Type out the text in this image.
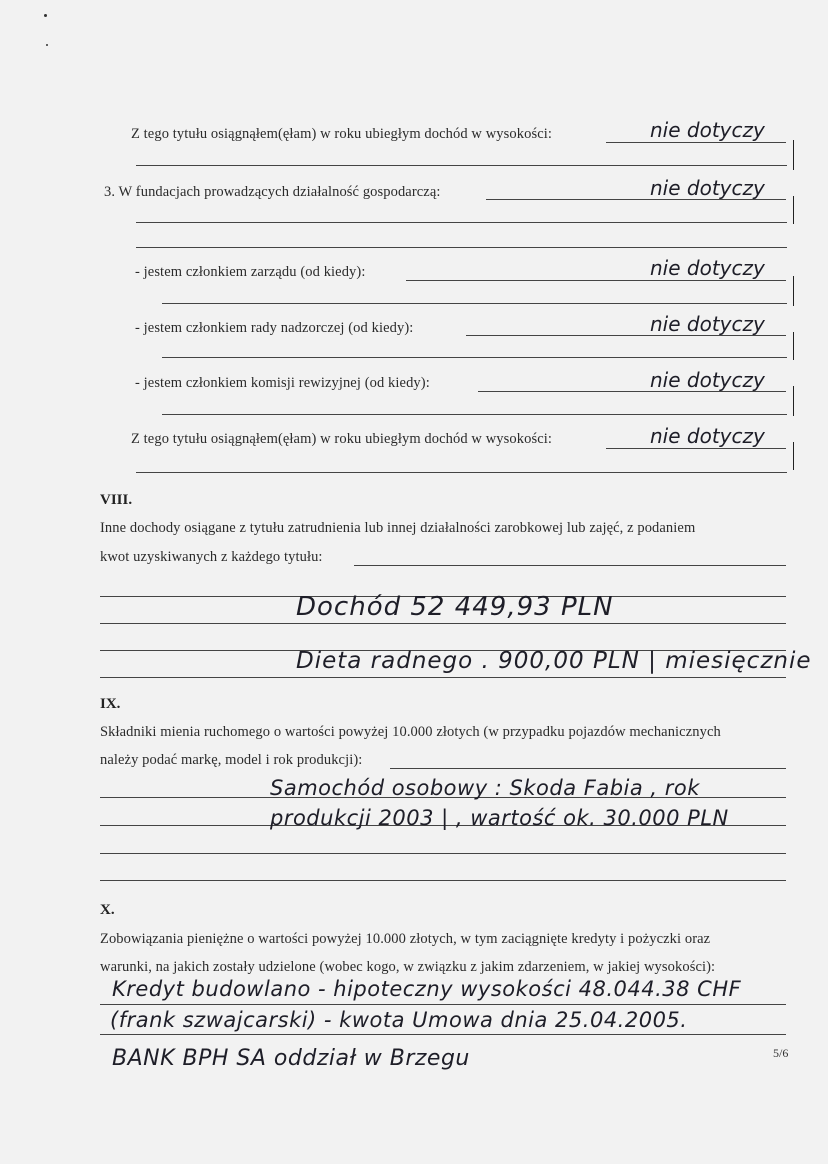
Z tego tytułu osiągnąłem(ęłam) w roku ubiegłym dochód w wysokości:	nie dotyczy
3. W fundacjach prowadzących działalność gospodarczą:	nie dotyczy
- jestem członkiem zarządu (od kiedy):	nie dotyczy
- jestem członkiem rady nadzorczej (od kiedy):	nie dotyczy
- jestem członkiem komisji rewizyjnej (od kiedy):	nie dotyczy
Z tego tytułu osiągnąłem(ęłam) w roku ubiegłym dochód w wysokości:	nie dotyczy
VIII.
Inne dochody osiągane z tytułu zatrudnienia lub innej działalności zarobkowej lub zajęć, z podaniem
kwot uzyskiwanych z każdego tytułu:
Dochód 52 449,93 PLN
Dieta radnego . 900,00 PLN | miesięcznie
IX.
Składniki mienia ruchomego o wartości powyżej 10.000 złotych (w przypadku pojazdów mechanicznych
należy podać markę, model i rok produkcji):
Samochód osobowy : Skoda Fabia , rok
produkcji 2003 | , wartość ok. 30.000 PLN
X.
Zobowiązania pieniężne o wartości powyżej 10.000 złotych, w tym zaciągnięte kredyty i pożyczki oraz
warunki, na jakich zostały udzielone (wobec kogo, w związku z jakim zdarzeniem, w jakiej wysokości):
Kredyt budowlano - hipoteczny wysokości 48.044.38 CHF
(frank szwajcarski) - kwota Umowa dnia 25.04.2005.
BANK BPH SA oddział w Brzegu	5/6
